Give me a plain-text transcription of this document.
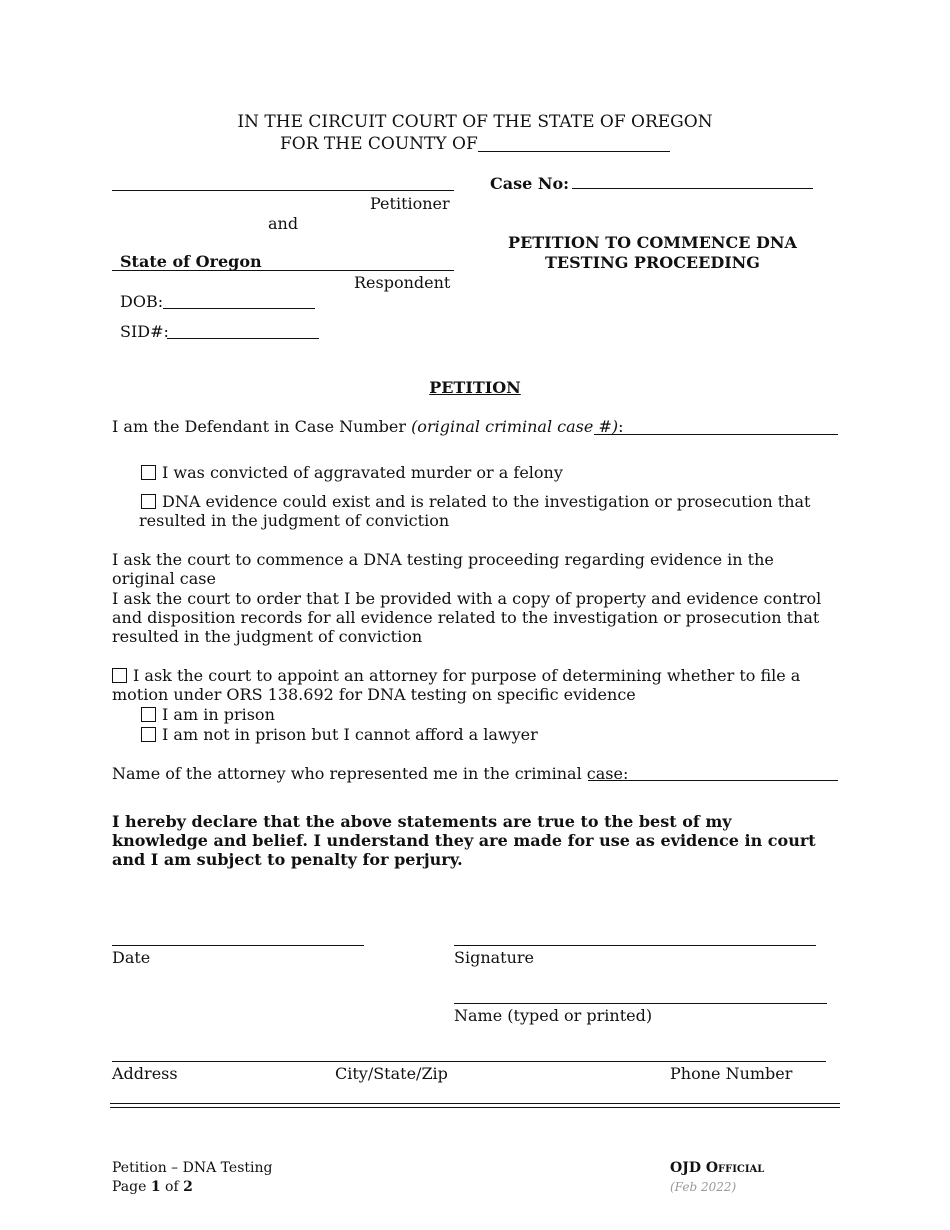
IN THE CIRCUIT COURT OF THE STATE OF OREGON
FOR THE COUNTY OF
Petitioner
and
State of Oregon
Respondent
DOB:
SID#:
Case No:
PETITION TO COMMENCE DNA
TESTING PROCEEDING
PETITION
I am the Defendant in Case Number (original criminal case #):
I was convicted of aggravated murder or a felony
DNA evidence could exist and is related to the investigation or prosecution that resulted in the judgment of conviction
I ask the court to commence a DNA testing proceeding regarding evidence in the original case
I ask the court to order that I be provided with a copy of property and evidence control and disposition records for all evidence related to the investigation or prosecution that resulted in the judgment of conviction
I ask the court to appoint an attorney for purpose of determining whether to file a motion under ORS 138.692 for DNA testing on specific evidence
I am in prison
I am not in prison but I cannot afford a lawyer
Name of the attorney who represented me in the criminal case:
I hereby declare that the above statements are true to the best of my knowledge and belief. I understand they are made for use as evidence in court and I am subject to penalty for perjury.
Date	Signature
Name (typed or printed)
Address	City/State/Zip	Phone Number
Petition – DNA Testing
Page 1 of 2
OJD Official
(Feb 2022)
